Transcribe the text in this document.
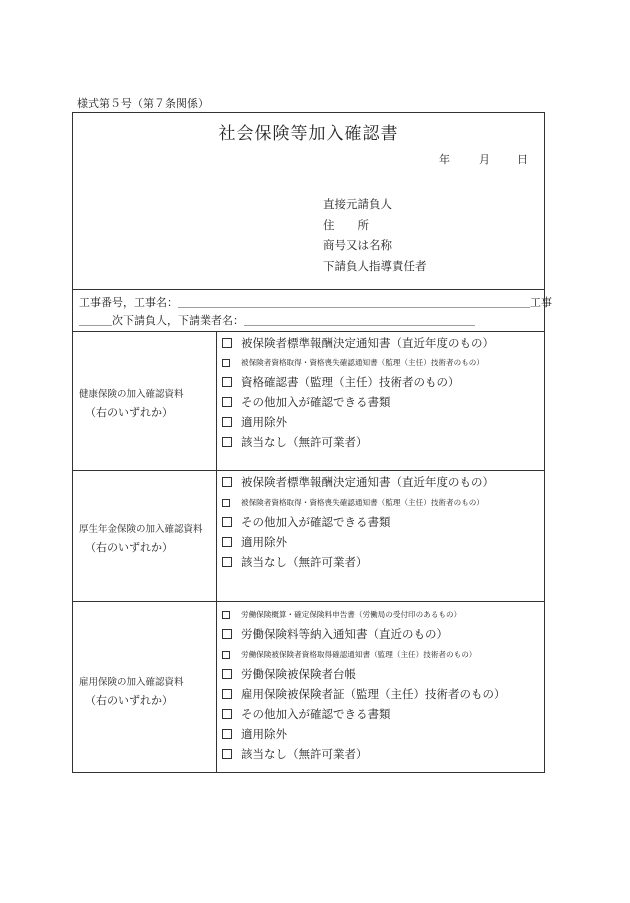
様式第５号（第７条関係）
社会保険等加入確認書
年	月 日
直接元請負人
住　　所
商号又は名称
下請負人指導責任者
工事番号，工事名：＿＿＿＿＿＿＿＿＿＿＿＿＿＿＿＿＿＿＿＿＿＿＿＿＿＿＿＿＿＿＿＿工事
＿＿＿次下請負人，下請業者名：＿＿＿＿＿＿＿＿＿＿＿＿＿＿＿＿＿＿＿＿＿
健康保険の加入確認資料
（右のいずれか）
被保険者標準報酬決定通知書（直近年度のもの）
被保険者資格取得・資格喪失確認通知書（監理（主任）技術者のもの）
資格確認書（監理（主任）技術者のもの）
その他加入が確認できる書類
適用除外
該当なし（無許可業者）
厚生年金保険の加入確認資料
（右のいずれか）
被保険者標準報酬決定通知書（直近年度のもの）
被保険者資格取得・資格喪失確認通知書（監理（主任）技術者のもの）
その他加入が確認できる書類
適用除外
該当なし（無許可業者）
雇用保険の加入確認資料
（右のいずれか）
労働保険概算・確定保険料申告書（労働局の受付印のあるもの）
労働保険料等納入通知書（直近のもの）
労働保険被保険者資格取得確認通知書（監理（主任）技術者のもの）
労働保険被保険者台帳
雇用保険被保険者証（監理（主任）技術者のもの）
その他加入が確認できる書類
適用除外
該当なし（無許可業者）
